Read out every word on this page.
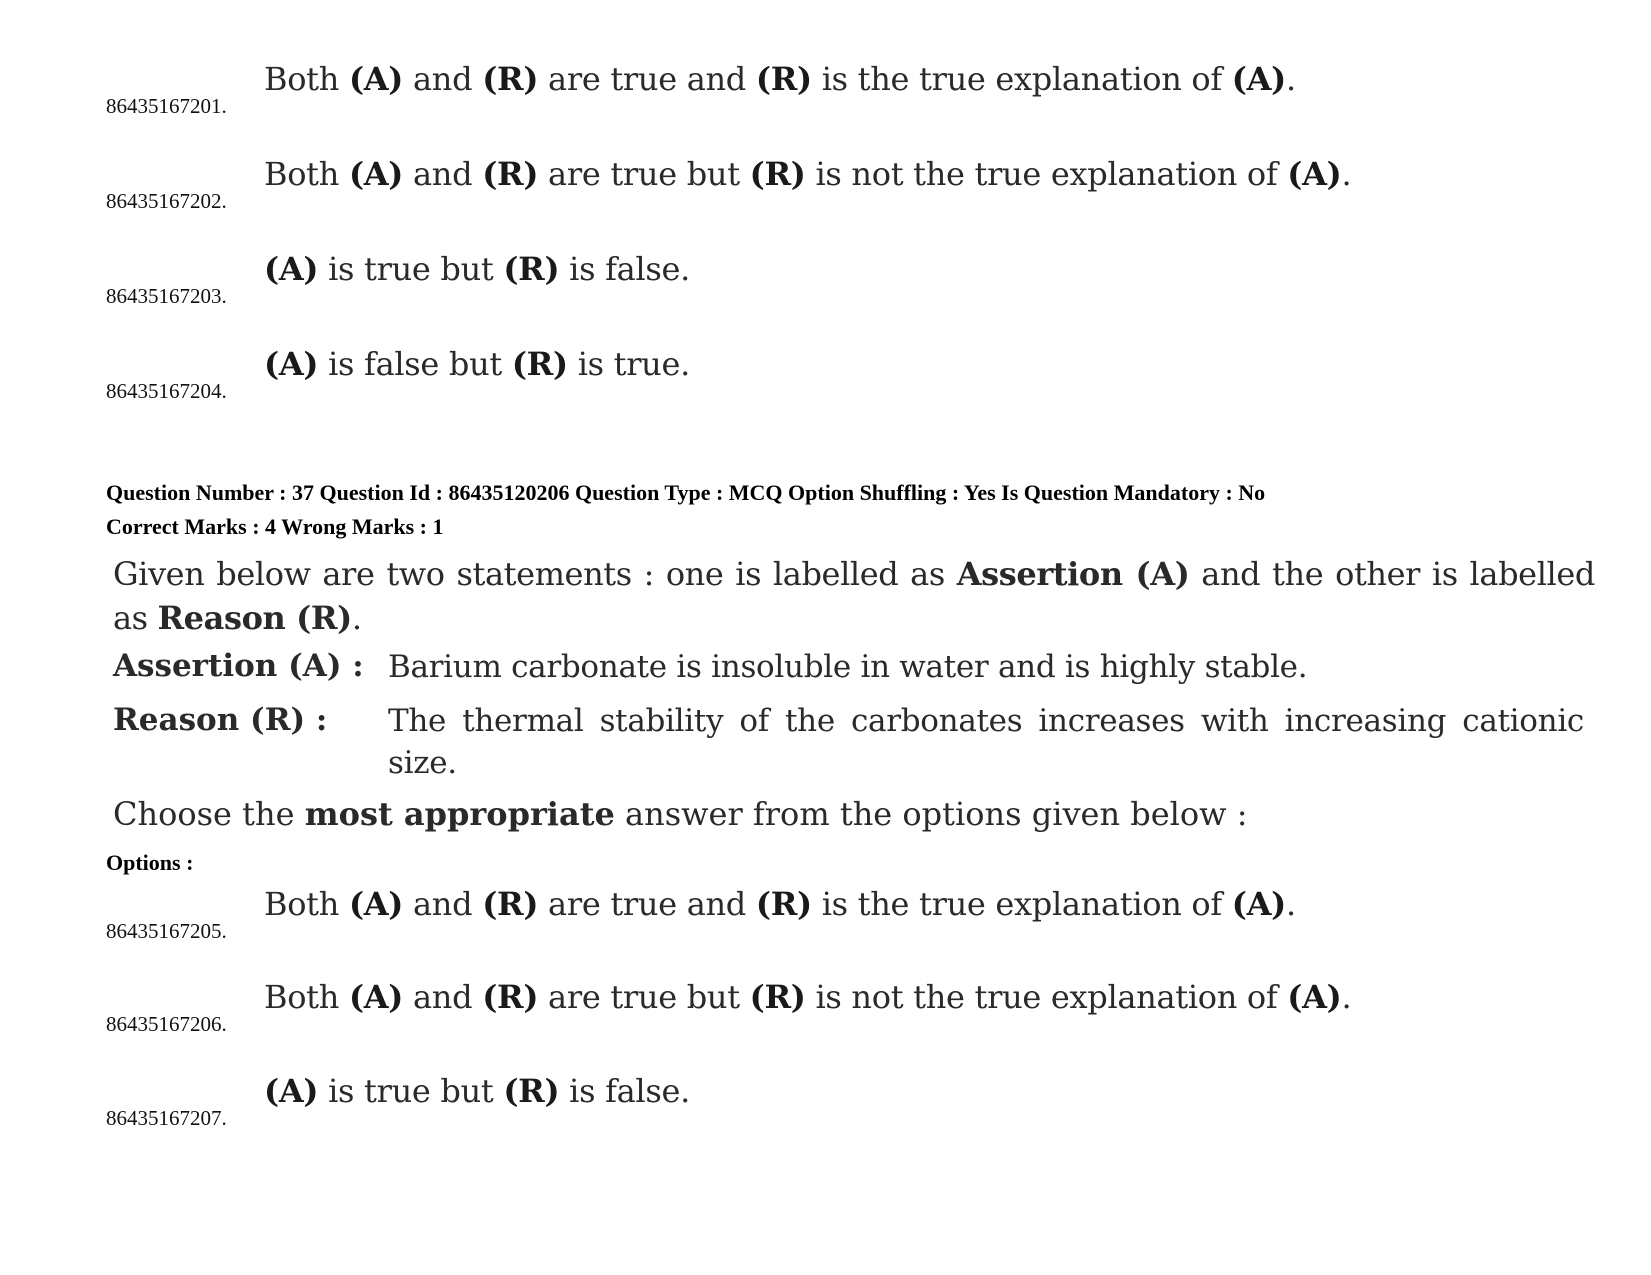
86435167201.
Both (A) and (R) are true and (R) is the true explanation of (A).
86435167202.
Both (A) and (R) are true but (R) is not the true explanation of (A).
86435167203.
(A) is true but (R) is false.
86435167204.
(A) is false but (R) is true.
Question Number : 37 Question Id : 86435120206 Question Type : MCQ Option Shuffling : Yes Is Question Mandatory : No
Correct Marks : 4 Wrong Marks : 1
Given below are two statements : one is labelled as Assertion (A) and the other is labelled as Reason (R).
Assertion (A) : Barium carbonate is insoluble in water and is highly stable.
Reason (R) : The thermal stability of the carbonates increases with increasing cationic size.
Choose the most appropriate answer from the options given below :
Options :
86435167205.
Both (A) and (R) are true and (R) is the true explanation of (A).
86435167206.
Both (A) and (R) are true but (R) is not the true explanation of (A).
86435167207.
(A) is true but (R) is false.
